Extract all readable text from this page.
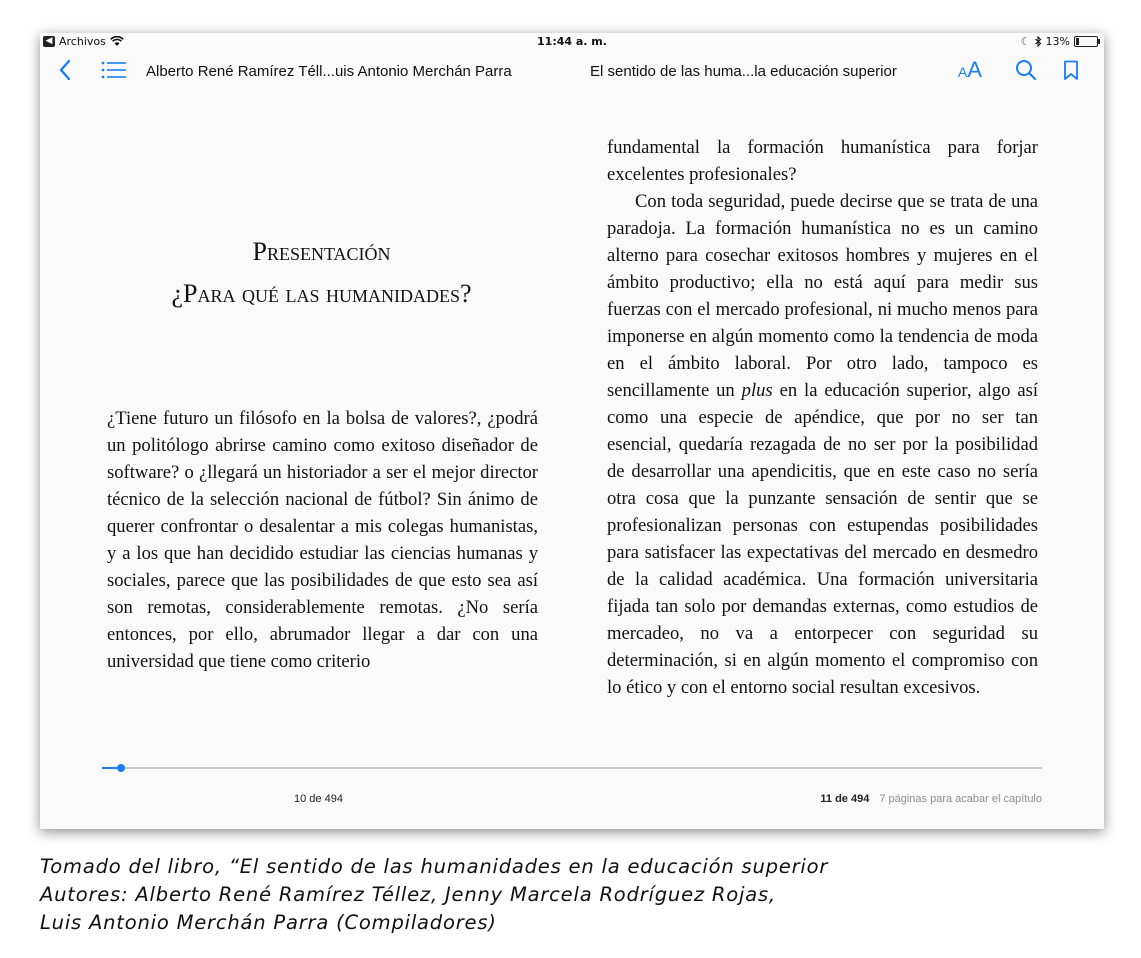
◀ Archivos	11:44 a. m.	☾ 13%
AA
Alberto René Ramírez Téll...uis Antonio Merchán Parra	El sentido de las huma...la educación superior
Presentación
¿Para qué las humanidades?
¿Tiene futuro un filósofo en la bolsa de valores?, ¿podrá un politólogo abrirse camino como exitoso diseñador de software? o ¿llegará un historiador a ser el mejor director técnico de la selección nacional de fútbol? Sin ánimo de querer confrontar o desalentar a mis colegas humanistas, y a los que han decidido estudiar las ciencias humanas y sociales, parece que las posibilidades de que esto sea así son remotas, considerablemente remotas. ¿No sería entonces, por ello, abrumador llegar a dar con una universidad que tiene como criterio

fundamental la formación humanística para forjar excelentes profesionales?

Con toda seguridad, puede decirse que se trata de una paradoja. La formación humanística no es un camino alterno para cosechar exitosos hombres y mujeres en el ámbito productivo; ella no está aquí para medir sus fuerzas con el mercado profesional, ni mucho menos para imponerse en algún momento como la tendencia de moda en el ámbito laboral. Por otro lado, tampoco es sencillamente un plus en la educación superior, algo así como una especie de apéndice, que por no ser tan esencial, quedaría rezagada de no ser por la posibilidad de desarrollar una apendicitis, que en este caso no sería otra cosa que la punzante sensación de sentir que se profesionalizan personas con estupendas posibilidades para satisfacer las expectativas del mercado en desmedro de la calidad académica. Una formación universitaria fijada tan solo por demandas externas, como estudios de mercadeo, no va a entorpecer con seguridad su determinación, si en algún momento el compromiso con lo ético y con el entorno social resultan excesivos.

10 de 494	11 de 494 7 páginas para acabar el capítulo
Tomado del libro, “El sentido de las humanidades en la educación superior
Autores: Alberto René Ramírez Téllez, Jenny Marcela Rodríguez Rojas,
Luis Antonio Merchán Parra (Compiladores)
